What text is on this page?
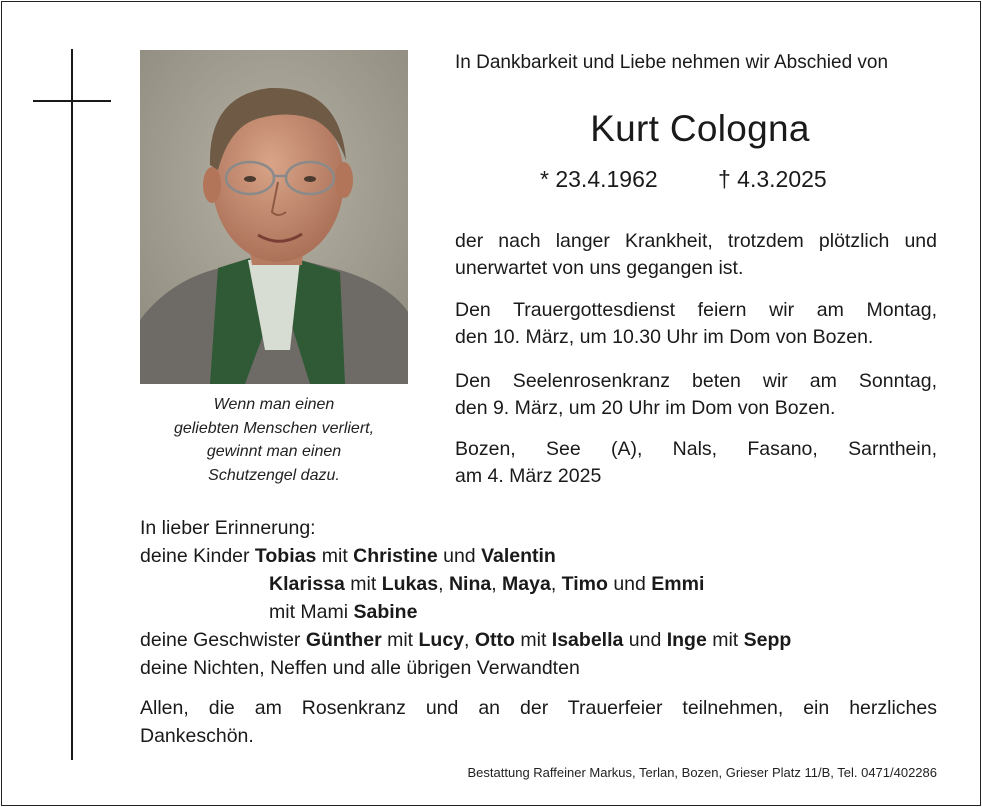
Wenn man einen
geliebten Menschen verliert,
gewinnt man einen
Schutzengel dazu.
In Dankbarkeit und Liebe nehmen wir Abschied von
Kurt Cologna
* 23.4.1962	† 4.3.2025
der nach langer Krankheit, trotzdem plötzlich und
unerwartet von uns gegangen ist.
Den Trauergottesdienst feiern wir am Montag,
den 10. März, um 10.30 Uhr im Dom von Bozen.
Den Seelenrosenkranz beten wir am Sonntag,
den 9. März, um 20 Uhr im Dom von Bozen.
Bozen, See (A), Nals, Fasano, Sarnthein,
am 4. März 2025
In lieber Erinnerung:
deine Kinder Tobias mit Christine und Valentin
Klarissa mit Lukas, Nina, Maya, Timo und Emmi
mit Mami Sabine
deine Geschwister Günther mit Lucy, Otto mit Isabella und Inge mit Sepp
deine Nichten, Neffen und alle übrigen Verwandten
Allen, die am Rosenkranz und an der Trauerfeier teilnehmen, ein herzliches
Dankeschön.
Bestattung Raffeiner Markus, Terlan, Bozen, Grieser Platz 11/B, Tel. 0471/402286
